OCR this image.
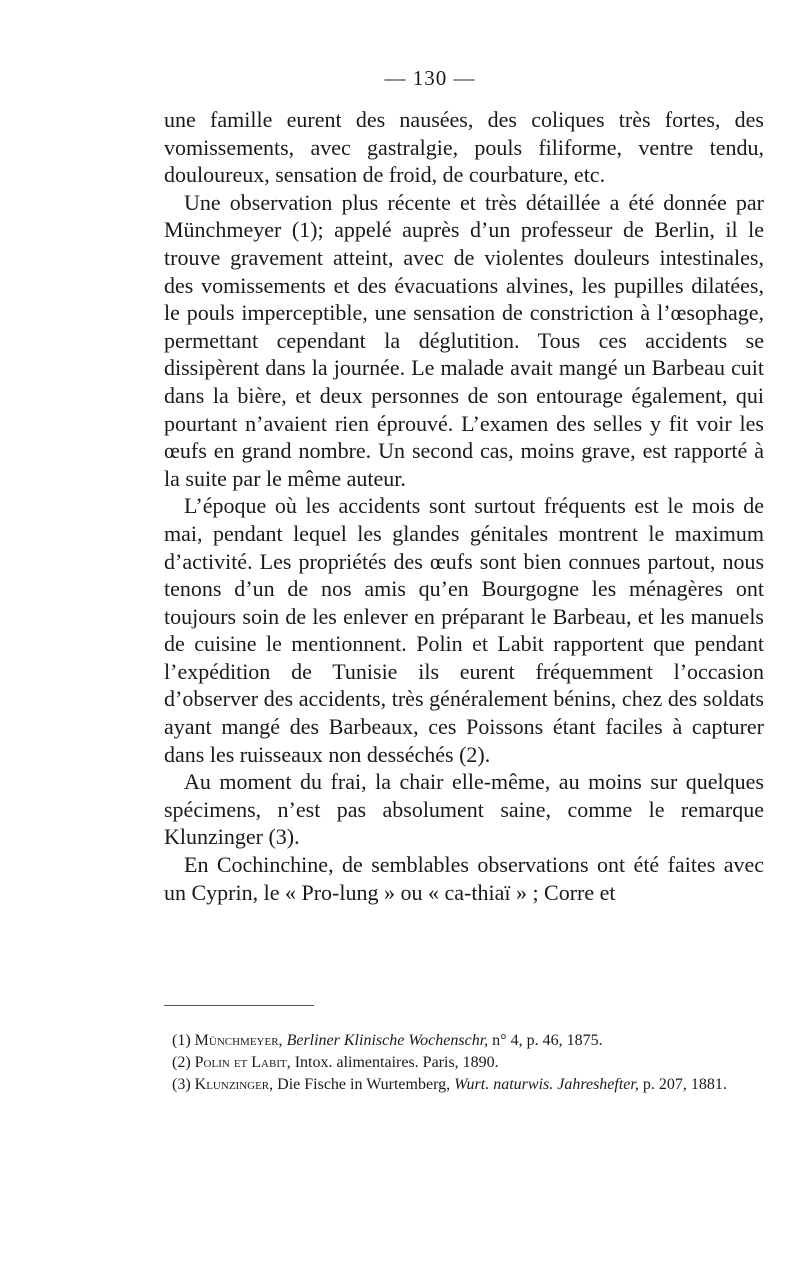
— 130 —

une famille eurent des nausées, des coliques très fortes, des vomissements, avec gastralgie, pouls filiforme, ventre tendu, douloureux, sensation de froid, de courbature, etc.

Une observation plus récente et très détaillée a été donnée par Münchmeyer (1); appelé auprès d’un professeur de Berlin, il le trouve gravement atteint, avec de violentes douleurs intestinales, des vomissements et des évacuations alvines, les pupilles dilatées, le pouls imperceptible, une sensation de constriction à l’œsophage, permettant cependant la déglutition. Tous ces accidents se dissipèrent dans la journée. Le malade avait mangé un Barbeau cuit dans la bière, et deux personnes de son entourage également, qui pourtant n’avaient rien éprouvé. L’examen des selles y fit voir les œufs en grand nombre. Un second cas, moins grave, est rapporté à la suite par le même auteur.

L’époque où les accidents sont surtout fréquents est le mois de mai, pendant lequel les glandes génitales montrent le maximum d’activité. Les propriétés des œufs sont bien connues partout, nous tenons d’un de nos amis qu’en Bourgogne les ménagères ont toujours soin de les enlever en préparant le Barbeau, et les manuels de cuisine le mentionnent. Polin et Labit rapportent que pendant l’expédition de Tunisie ils eurent fréquemment l’occasion d’observer des accidents, très généralement bénins, chez des soldats ayant mangé des Barbeaux, ces Poissons étant faciles à capturer dans les ruisseaux non desséchés (2).

Au moment du frai, la chair elle-même, au moins sur quelques spécimens, n’est pas absolument saine, comme le remarque Klunzinger (3).

En Cochinchine, de semblables observations ont été faites avec un Cyprin, le « Pro-lung » ou « ca-thiaï » ; Corre et

(1) Münchmeyer, Berliner Klinische Wochenschr, n° 4, p. 46, 1875.

(2) Polin et Labit, Intox. alimentaires. Paris, 1890.

(3) Klunzinger, Die Fische in Wurtemberg, Wurt. naturwis. Jahreshefter, p. 207, 1881.
